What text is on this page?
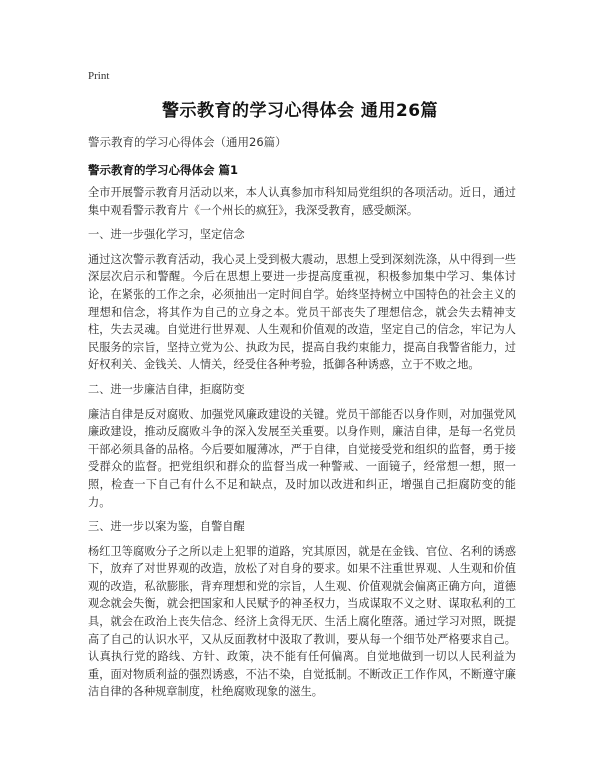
Print
警示教育的学习心得体会 通用26篇
警示教育的学习心得体会（通用26篇）
警示教育的学习心得体会 篇1

全市开展警示教育月活动以来，本人认真参加市科知局党组织的各项活动。近日，通过集中观看警示教育片《一个州长的疯狂》，我深受教育，感受颇深。

一、进一步强化学习，坚定信念

通过这次警示教育活动，我心灵上受到极大震动，思想上受到深刻洗涤，从中得到一些深层次启示和警醒。今后在思想上要进一步提高度重视，积极参加集中学习、集体讨论，在紧张的工作之余，必须抽出一定时间自学。始终坚持树立中国特色的社会主义的理想和信念，将其作为自己的立身之本。党员干部丧失了理想信念，就会失去精神支柱，失去灵魂。自觉进行世界观、人生观和价值观的改造，坚定自己的信念，牢记为人民服务的宗旨，坚持立党为公、执政为民，提高自我约束能力，提高自我警省能力，过好权利关、金钱关、人情关，经受住各种考验，抵御各种诱惑，立于不败之地。

二、进一步廉洁自律，拒腐防变

廉洁自律是反对腐败、加强党风廉政建设的关键。党员干部能否以身作则，对加强党风廉政建设，推动反腐败斗争的深入发展至关重要。以身作则，廉洁自律，是每一名党员干部必须具备的品格。今后要如履薄冰，严于自律，自觉接受党和组织的监督，勇于接受群众的监督。把党组织和群众的监督当成一种警戒、一面镜子，经常想一想，照一照，检查一下自己有什么不足和缺点，及时加以改进和纠正，增强自己拒腐防变的能力。

三、进一步以案为鉴，自警自醒

杨红卫等腐败分子之所以走上犯罪的道路，究其原因，就是在金钱、官位、名利的诱惑下，放弃了对世界观的改造，放松了对自身的要求。如果不注重世界观、人生观和价值观的改造，私欲膨胀，背弃理想和党的宗旨，人生观、价值观就会偏离正确方向，道德观念就会失衡，就会把国家和人民赋予的神圣权力，当成谋取不义之财、谋取私利的工具，就会在政治上丧失信念、经济上贪得无厌、生活上腐化堕落。通过学习对照，既提高了自己的认识水平，又从反面教材中汲取了教训，要从每一个细节处严格要求自己。认真执行党的路线、方针、政策，决不能有任何偏离。自觉地做到一切以人民利益为重，面对物质利益的强烈诱惑，不沾不染，自觉抵制。不断改正工作作风，不断遵守廉洁自律的各种规章制度，杜绝腐败现象的滋生。
